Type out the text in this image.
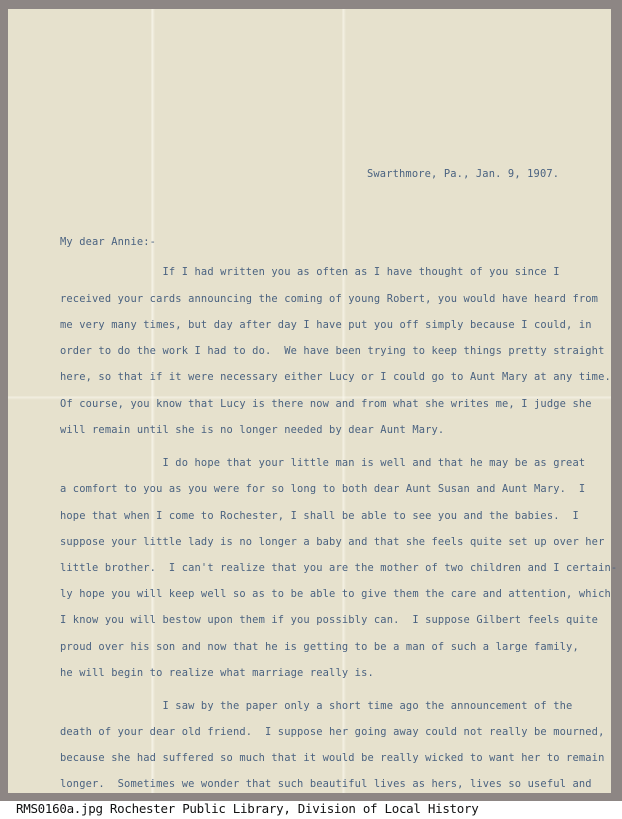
Swarthmore, Pa., Jan. 9, 1907.
My dear Annie:-
If I had written you as often as I have thought of you since I
received your cards announcing the coming of young Robert, you would have heard from
me very many times, but day after day I have put you off simply because I could, in
order to do the work I had to do.  We have been trying to keep things pretty straight
here, so that if it were necessary either Lucy or I could go to Aunt Mary at any time.
Of course, you know that Lucy is there now and from what she writes me, I judge she
will remain until she is no longer needed by dear Aunt Mary.
I do hope that your little man is well and that he may be as great
a comfort to you as you were for so long to both dear Aunt Susan and Aunt Mary.  I
hope that when I come to Rochester, I shall be able to see you and the babies.  I
suppose your little lady is no longer a baby and that she feels quite set up over her
little brother.  I can't realize that you are the mother of two children and I certain-
ly hope you will keep well so as to be able to give them the care and attention, which
I know you will bestow upon them if you possibly can.  I suppose Gilbert feels quite
proud over his son and now that he is getting to be a man of such a large family,
he will begin to realize what marriage really is.
I saw by the paper only a short time ago the announcement of the
death of your dear old friend.  I suppose her going away could not really be mourned,
because she had suffered so much that it would be really wicked to want her to remain
longer.  Sometimes we wonder that such beautiful lives as hers, lives so useful and
RMS0160a.jpg Rochester Public Library, Division of Local History
